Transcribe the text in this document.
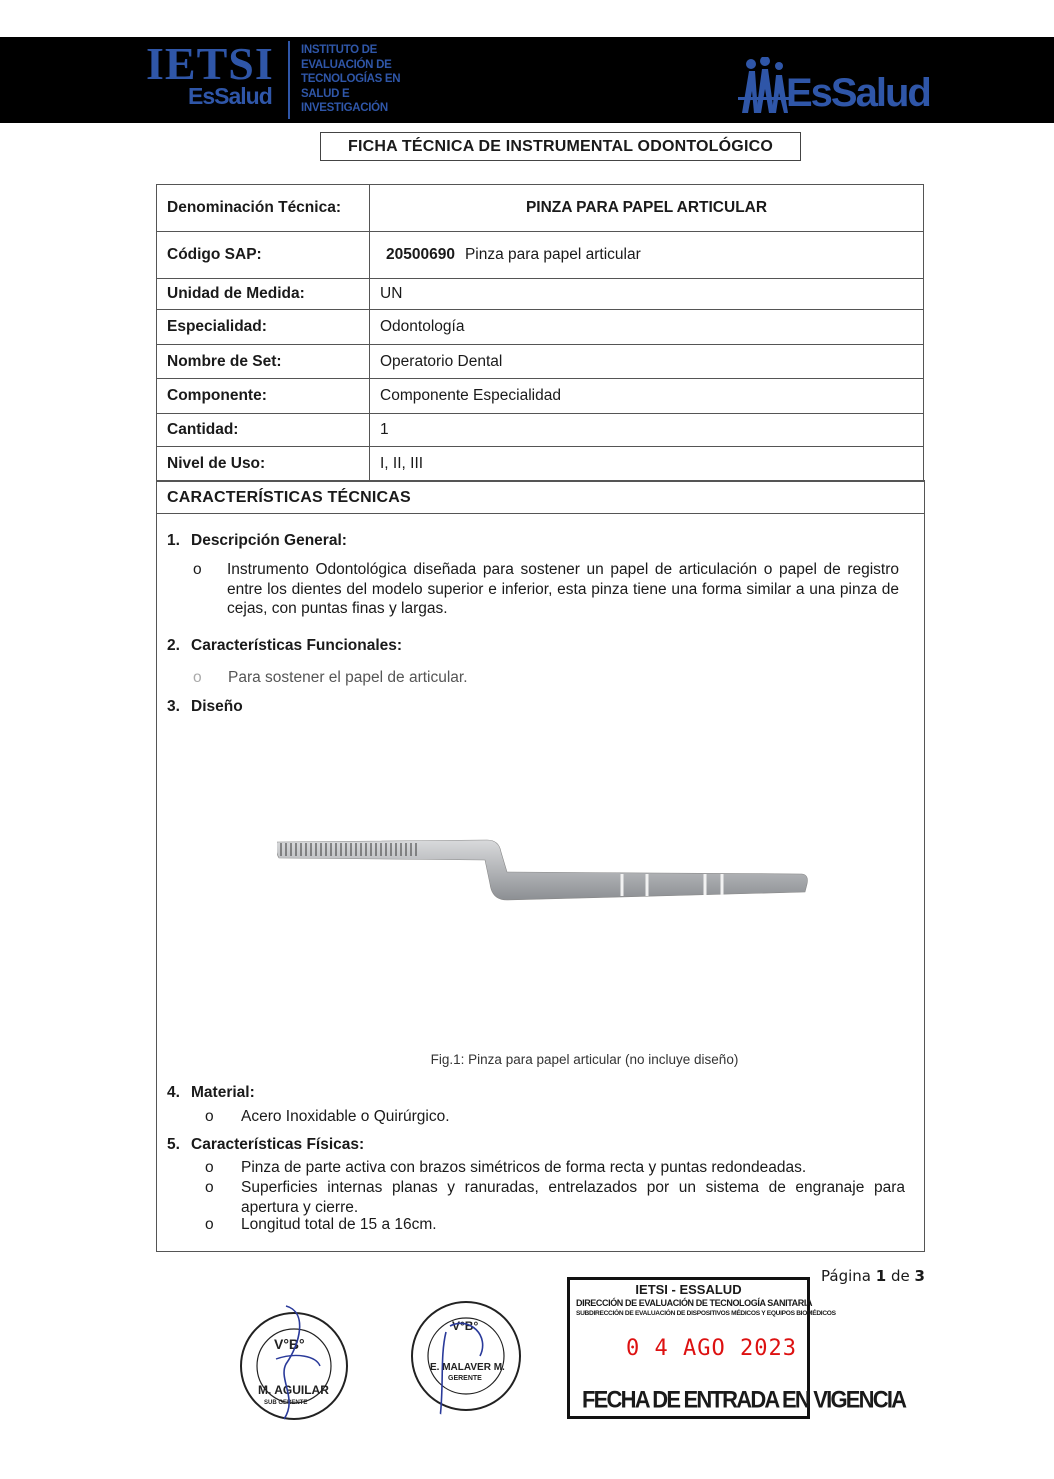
IETSI
EsSalud
INSTITUTO DE
EVALUACIÓN DE
TECNOLOGÍAS EN
SALUD E
INVESTIGACIÓN	EsSalud
FICHA TÉCNICA DE INSTRUMENTAL ODONTOLÓGICO
Denominación Técnica:	PINZA PARA PAPEL ARTICULAR
Código SAP:	20500690 Pinza para papel articular
Unidad de Medida:	UN
Especialidad:	Odontología
Nombre de Set:	Operatorio Dental
Componente:	Componente Especialidad
Cantidad:	1
Nivel de Uso:	I, II, III
CARACTERÍSTICAS TÉCNICAS
1. Descripción General:
o Instrumento Odontológica diseñada para sostener un papel de articulación o papel de registro entre los dientes del modelo superior e inferior, esta pinza tiene una forma similar a una pinza de cejas, con puntas finas y largas.
2. Características Funcionales:
o Para sostener el papel de articular.
3. Diseño
Fig.1: Pinza para papel articular (no incluye diseño)
4. Material:
o Acero Inoxidable o Quirúrgico.
5. Características Físicas:
o Pinza de parte activa con brazos simétricos de forma recta y puntas redondeadas.
o Superficies internas planas y ranuradas, entrelazados por un sistema de engranaje para apertura y cierre.
o Longitud total de 15 a 16cm.
Página 1 de 3
V°B°
M. AGUILAR
SUB GERENTE
V°B°
E. MALAVER M.
GERENTE
IETSI - ESSALUD
DIRECCIÓN DE EVALUACIÓN DE TECNOLOGÍA SANITARIA
SUBDIRECCIÓN DE EVALUACIÓN DE DISPOSITIVOS MÉDICOS Y EQUIPOS BIOMÉDICOS
0 4 AGO 2023
FECHA DE ENTRADA EN VIGENCIA
